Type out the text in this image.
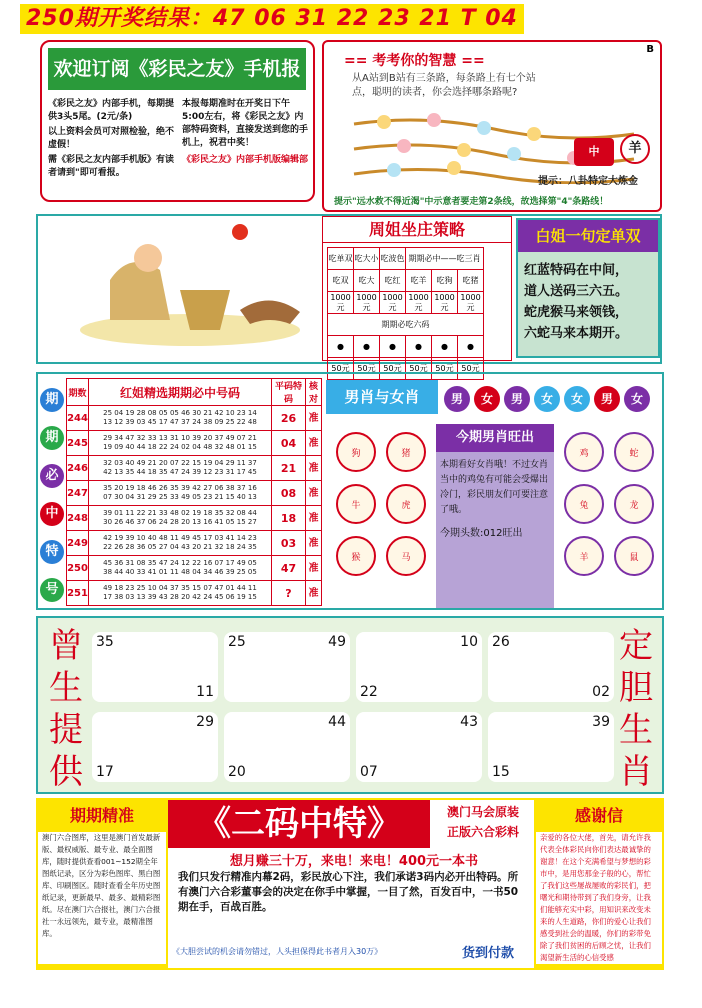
250期开奖结果：47 06 31 22 23 21 T 04
欢迎订阅《彩民之友》手机报
《彩民之友》内部手机，每期提供3头5尾。(2元/条)
以上资料会员可对照检验，绝不虚假！
需《彩民之友内部手机版》有读者请到"即可看报。
本报每期准时在开奖日下午5:00左右，将《彩民之友》内部特码资料，直接发送到您的手机上，祝君中奖！
《彩民之友》内部手机版编辑部
B
== 考考你的智慧 ==
从A站到B站有三条路，每条路上有七个站点，聪明的读者，你会选择哪条路呢?
中	羊
提示：八卦特定大炼金
提示"远水救不得近渴"中示意者要走第2条线，故选择第"4"条路线！
周姐坐庄策略
吃单双	吃大小	吃波色	期期必中——吃三肖		
吃双	吃大	吃红	吃羊	吃狗	吃猪
1000元	1000元	1000元	1000元	1000元	1000元
期期必吃六码					
●	●	●	●	●	●
50元	50元	50元	50元	50元	50元
白姐一句定单双
红蓝特码在中间，
道人送码三六五。
蛇虎猴马来领钱，
六蛇马来本期开。
期
期
必
中
特
号
期数	红姐精选期期必中号码	平码特码	核对
244	25 04 19 28 08 05 05 46 30 21 42 10 23 14
13 12 39 03 45 17 47 37 24 38 09 25 22 48	26	准
245	29 34 47 32 33 13 31 10 39 20 37 49 07 21
19 09 40 44 18 22 24 02 04 48 32 48 01 15	04	准
246	32 03 40 49 21 20 07 22 15 19 04 29 11 37
42 13 35 44 18 35 47 24 39 12 23 31 17 45	21	准
247	35 20 19 18 46 26 35 39 42 27 06 38 37 16
07 30 04 31 29 25 33 49 05 23 21 15 40 13	08	准
248	39 01 11 22 21 33 48 02 19 18 35 32 08 44
30 26 46 37 06 24 28 20 13 16 41 05 15 27	18	准
249	42 19 39 10 40 48 11 49 45 17 03 41 14 23
22 26 28 36 05 27 04 43 20 21 32 18 24 35	03	准
250	45 36 31 08 35 47 24 12 22 16 07 17 49 05
38 44 40 33 41 01 11 48 04 34 46 39 25 05	47	准
251	49 18 23 25 10 04 37 35 15 07 47 01 44 11
17 38 03 13 39 43 28 20 42 24 45 06 19 15	?	准
男肖与女肖	男	女	男	女	女	男	女
狗	猪
牛	虎
猴	马
今期男肖旺出
本期看好女肖哦！不过女肖当中的鸡兔有可能会受爆出冷门，彩民朋友们可要注意了哦。
今期头数:012旺出
鸡	蛇
兔	龙
羊	鼠
曾
生
提
供
定
胆
生
肖
35
11
25	49	10
22
26
02
29
17
44
20
43
07
39
15
期期精准
澳门六合图库，这里是澳门首发最新版、最权威版、最专业、最全面图库，随时提供查看001~152期全年图纸记录，区分为彩色图库、黑白图库、印刷图区。随时查看全年历史图纸记录，更新最早、最多、最精彩图纸。尽在澳门六合报社，澳门六合报社一永远领先，最专业，最精准图库。
《二码中特》	澳门马会原装
正版六合彩料
想月赚三十万，来电！来电！400元一本书
我们只发行精准内幕2码，彩民放心下注，我们承诺3码内必开出特码。所有澳门六合彩董事会的决定在你手中掌握，一目了然，百发百中，一书50期在手，百战百胜。
《大胆尝试的机会请勿错过，人头担保得此书者月入30万》	货到付款
感谢信
亲爱的各位大佬，首先，请允许我代表全体彩民向你们表达最诚挚的谢意！在这个充满希望与梦想的彩市中，是用您那金子般的心，帮忙了我们这些屡战屡败的彩民们，把曙光和期待带到了我们身旁，让我们能够充实中彩，用知识来改变未来的人生道路，你们的爱心让我们感受到社会的温暖，你们的彩带免除了我们贫困的后顾之忧，让我们渴望新生活的心信受感
